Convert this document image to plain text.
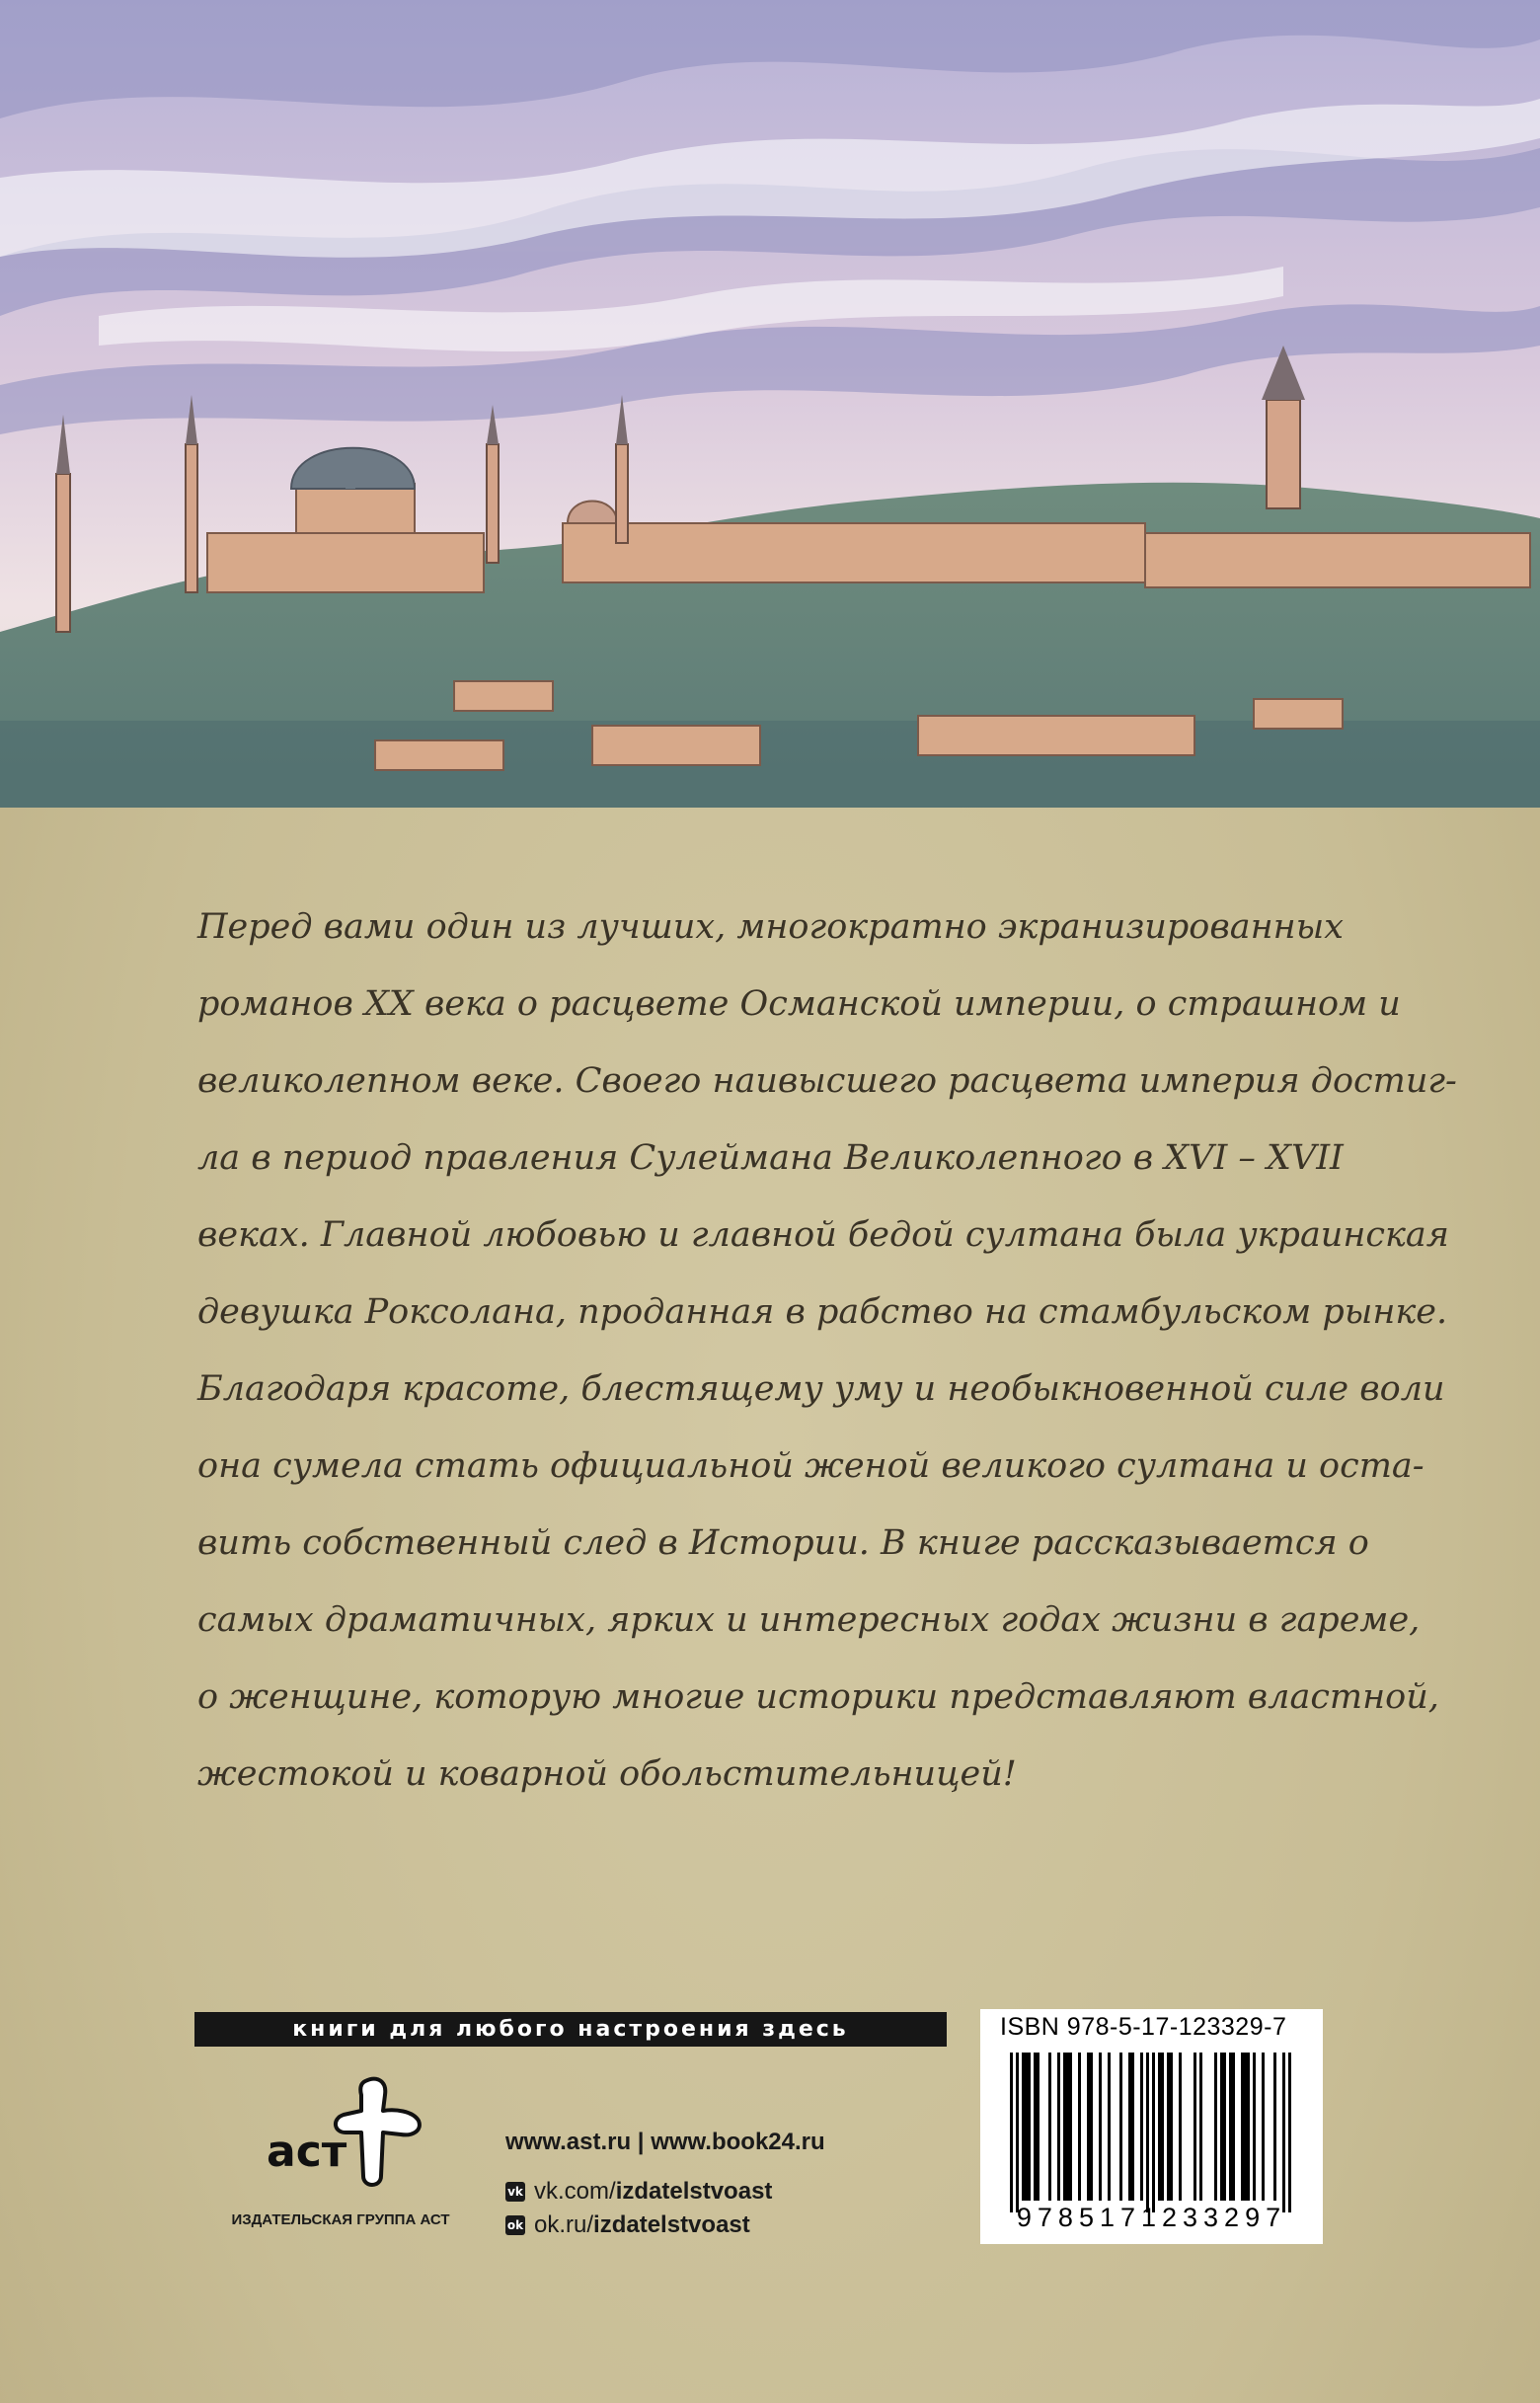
Перед вами один из лучших, многократно экранизированных
романов XX века о расцвете Османской империи, о страшном и
великолепном веке. Своего наивысшего расцвета империя достиг-
ла в период правления Сулеймана Великолепного в XVI – XVII
веках. Главной любовью и главной бедой султана была украинская
девушка Роксолана, проданная в рабство на стамбульском рынке.
Благодаря красоте, блестящему уму и необыкновенной силе воли
она сумела стать официальной женой великого султана и оста-
вить собственный след в Истории. В книге рассказывается о
самых драматичных, ярких и интересных годах жизни в гареме,
о женщине, которую многие историки представляют властной,
жестокой и коварной обольстительницей!
книги для любого настроения здесь
аст
ИЗДАТЕЛЬСКАЯ ГРУППА АСТ
www.ast.ru | www.book24.ru
vk vk.com/ izdatelstvoast
ok ok.ru/ izdatelstvoast
ISBN 978-5-17-123329-7
9785171233297
